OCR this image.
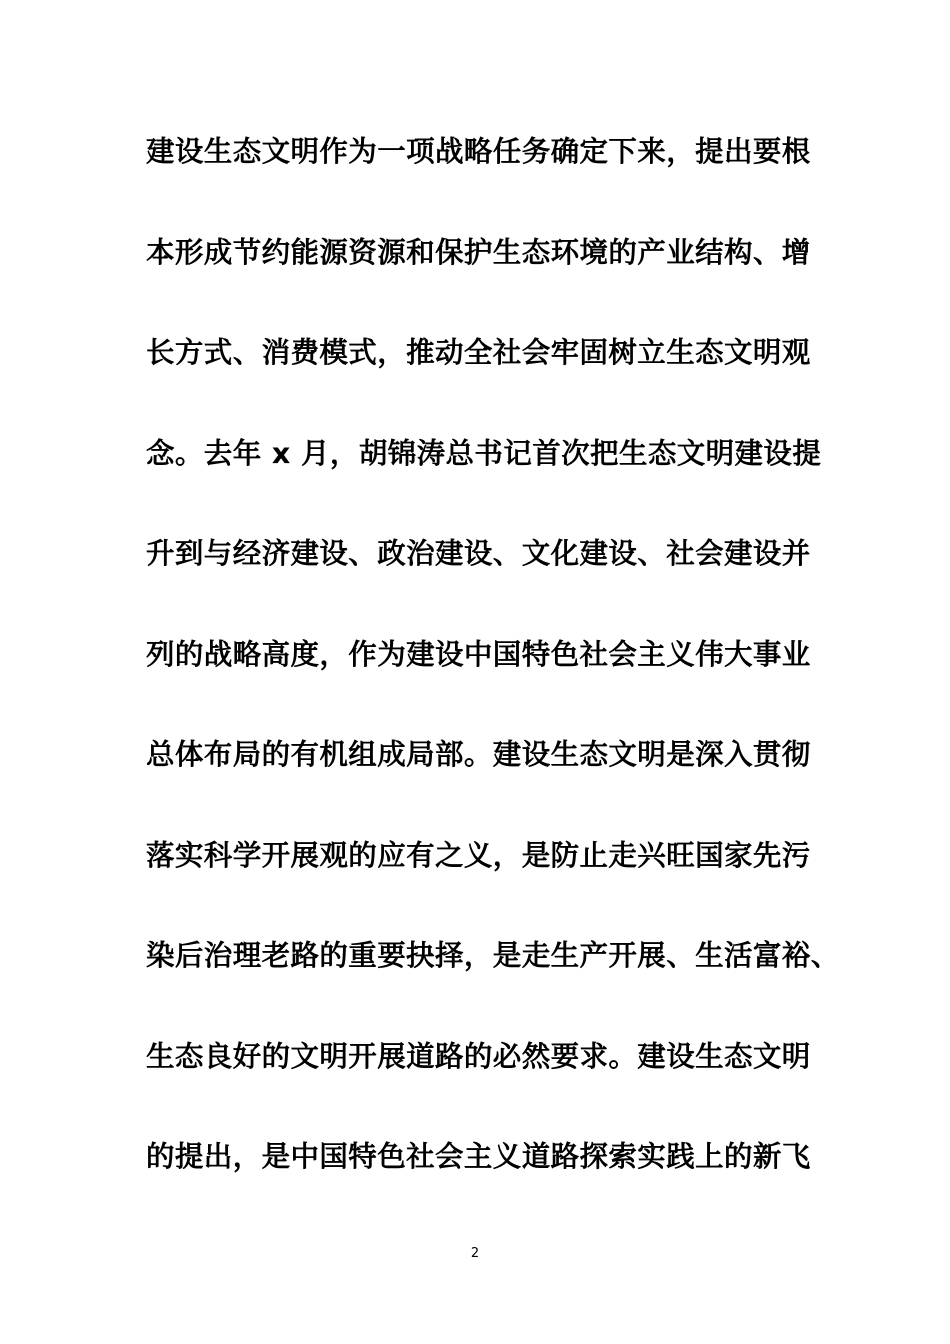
建设生态文明作为一项战略任务确定下来，提出要根
本形成节约能源资源和保护生态环境的产业结构、增
长方式、消费模式，推动全社会牢固树立生态文明观
念。去年 x 月，胡锦涛总书记首次把生态文明建设提
升到与经济建设、政治建设、文化建设、社会建设并
列的战略高度，作为建设中国特色社会主义伟大事业
总体布局的有机组成局部。建设生态文明是深入贯彻
落实科学开展观的应有之义，是防止走兴旺国家先污
染后治理老路的重要抉择，是走生产开展、生活富裕、
生态良好的文明开展道路的必然要求。建设生态文明
的提出，是中国特色社会主义道路探索实践上的新飞
2
